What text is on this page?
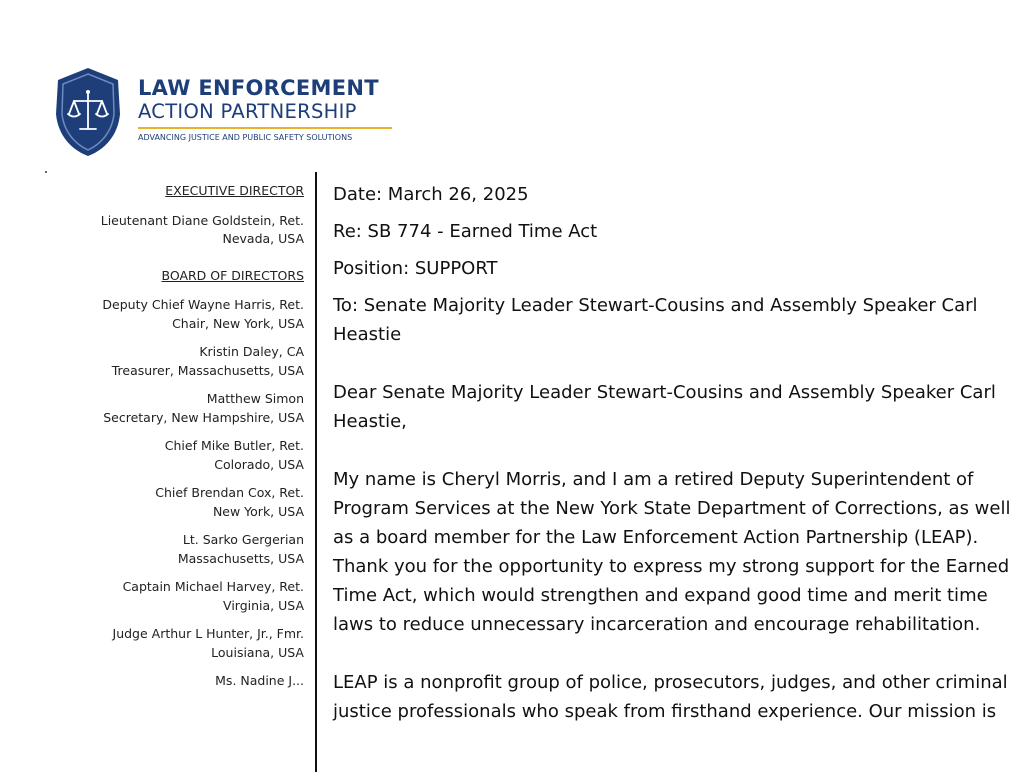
LAW ENFORCEMENT
ACTION PARTNERSHIP
ADVANCING JUSTICE AND PUBLIC SAFETY SOLUTIONS
EXECUTIVE DIRECTOR
Lieutenant Diane Goldstein, Ret.
Nevada, USA
BOARD OF DIRECTORS
Deputy Chief Wayne Harris, Ret.
Chair, New York, USA
Kristin Daley, CA
Treasurer, Massachusetts, USA
Matthew Simon
Secretary, New Hampshire, USA
Chief Mike Butler, Ret.
Colorado, USA
Chief Brendan Cox, Ret.
New York, USA
Lt. Sarko Gergerian
Massachusetts, USA
Captain Michael Harvey, Ret.
Virginia, USA
Judge Arthur L Hunter, Jr., Fmr.
Louisiana, USA
Ms. Nadine J...

Date: March 26, 2025

Re: SB 774 - Earned Time Act

Position: SUPPORT

To: Senate Majority Leader Stewart-Cousins and Assembly Speaker Carl Heastie

Dear Senate Majority Leader Stewart-Cousins and Assembly Speaker Carl Heastie,

My name is Cheryl Morris, and I am a retired Deputy Superintendent of Program Services at the New York State Department of Corrections, as well as a board member for the Law Enforcement Action Partnership (LEAP). Thank you for the opportunity to express my strong support for the Earned Time Act, which would strengthen and expand good time and merit time laws to reduce unnecessary incarceration and encourage rehabilitation.

LEAP is a nonprofit group of police, prosecutors, judges, and other criminal justice professionals who speak from firsthand experience. Our mission is
